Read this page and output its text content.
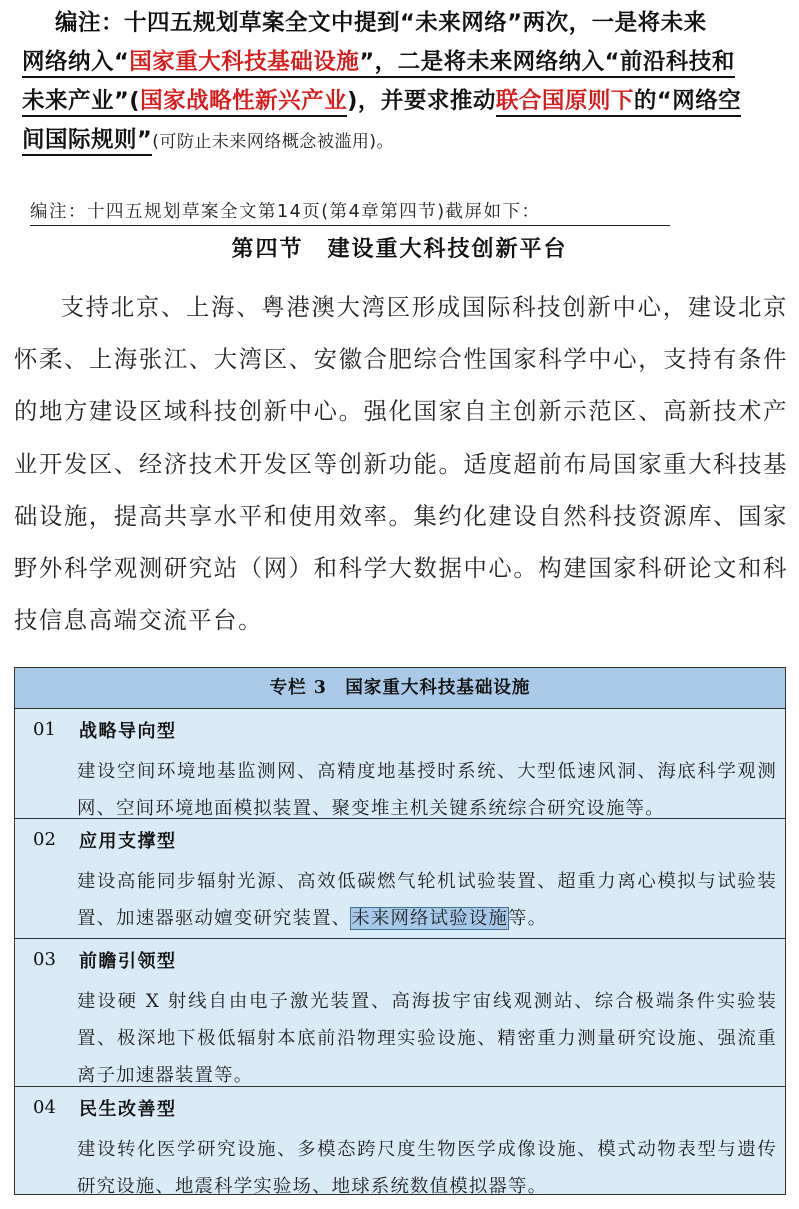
编注：十四五规划草案全文中提到“未来网络”两次，一是将未来
网络纳入“国家重大科技基础设施”，二是将未来网络纳入“前沿科技和
未来产业”(国家战略性新兴产业)，并要求推动联合国原则下的“网络空
间国际规则”(可防止未来网络概念被滥用)。
编注：十四五规划草案全文第14页(第4章第四节)截屏如下：
第四节　建设重大科技创新平台

支持北京、上海、粤港澳大湾区形成国际科技创新中心，建设北京怀柔、上海张江、大湾区、安徽合肥综合性国家科学中心，支持有条件的地方建设区域科技创新中心。强化国家自主创新示范区、高新技术产业开发区、经济技术开发区等创新功能。适度超前布局国家重大科技基础设施，提高共享水平和使用效率。集约化建设自然科技资源库、国家野外科学观测研究站（网）和科学大数据中心。构建国家科研论文和科技信息高端交流平台。

专栏 3　国家重大科技基础设施
01 战略导向型

建设空间环境地基监测网、高精度地基授时系统、大型低速风洞、海底科学观测网、空间环境地面模拟装置、聚变堆主机关键系统综合研究设施等。

02 应用支撑型

建设高能同步辐射光源、高效低碳燃气轮机试验装置、超重力离心模拟与试验装置、加速器驱动嬗变研究装置、未来网络试验设施等。

03 前瞻引领型

建设硬 X 射线自由电子激光装置、高海拔宇宙线观测站、综合极端条件实验装置、极深地下极低辐射本底前沿物理实验设施、精密重力测量研究设施、强流重离子加速器装置等。

04 民生改善型

建设转化医学研究设施、多模态跨尺度生物医学成像设施、模式动物表型与遗传研究设施、地震科学实验场、地球系统数值模拟器等。
